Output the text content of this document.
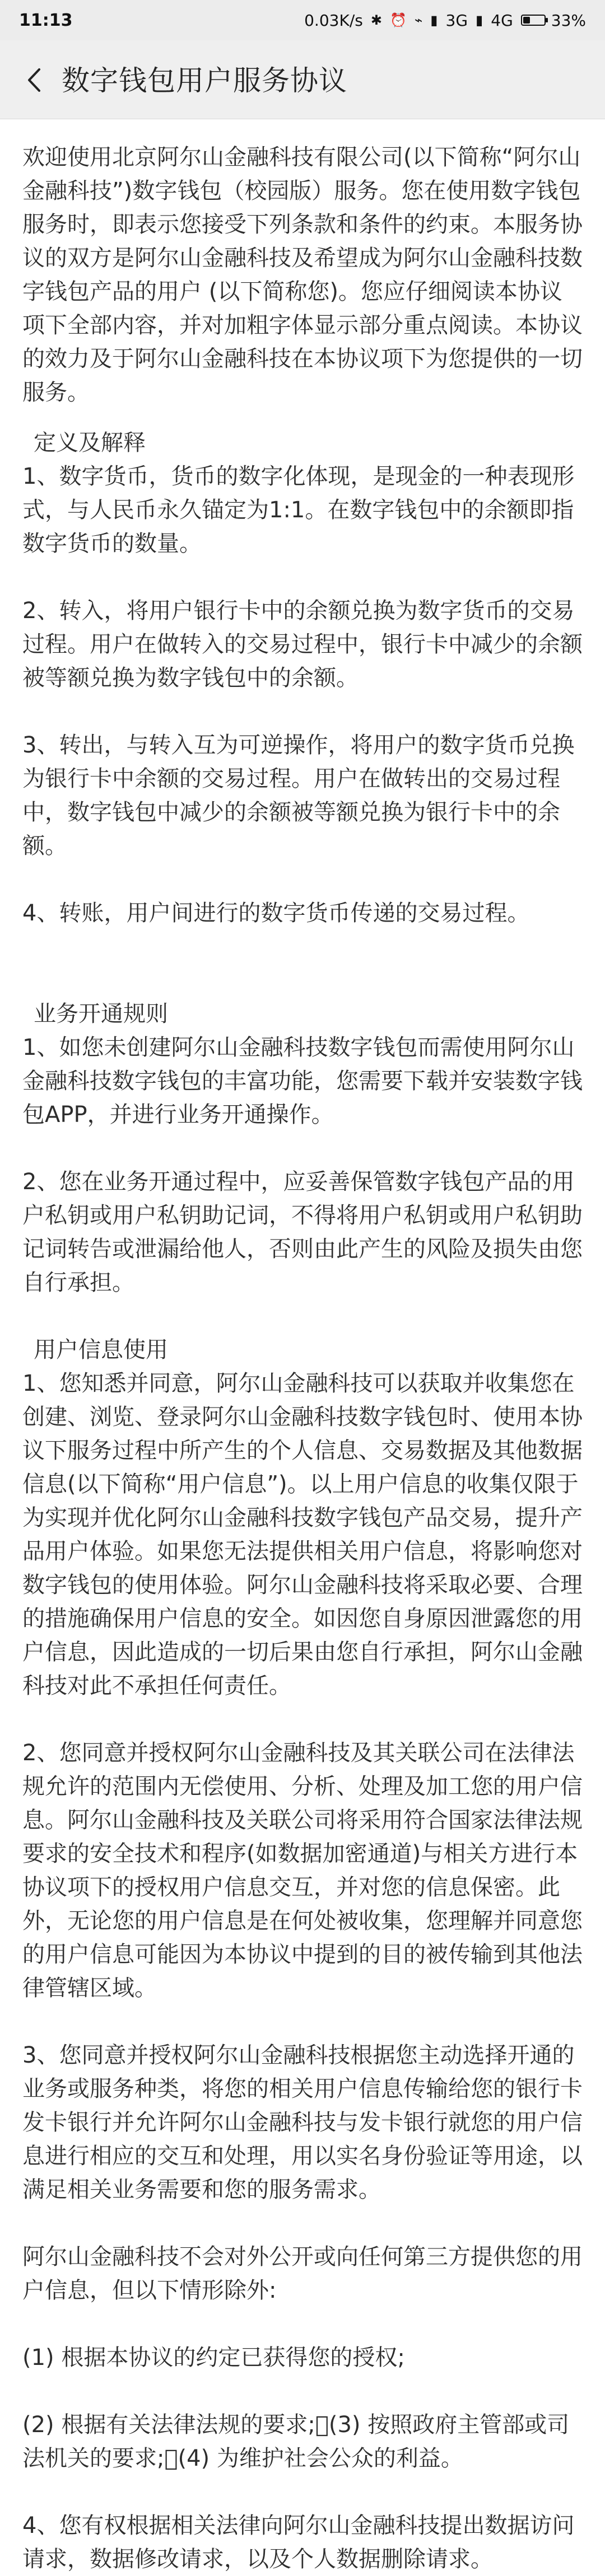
11:13	0.03K/s ✱ ⏰ ⌁ ▮ 3G ▮ 4G 33%
数字钱包用户服务协议

欢迎使用北京阿尔山金融科技有限公司(以下简称“阿尔山金融科技”)数字钱包（校园版）服务。您在使用数字钱包服务时，即表示您接受下列条款和条件的约束。本服务协议的双方是阿尔山金融科技及希望成为阿尔山金融科技数字钱包产品的用户 (以下简称您)。您应仔细阅读本协议项下全部内容，并对加粗字体显示部分重点阅读。本协议的效力及于阿尔山金融科技在本协议项下为您提供的一切服务。

定义及解释

1、数字货币，货币的数字化体现，是现金的一种表现形式，与人民币永久锚定为1:1。在数字钱包中的余额即指数字货币的数量。

2、转入，将用户银行卡中的余额兑换为数字货币的交易过程。用户在做转入的交易过程中，银行卡中减少的余额被等额兑换为数字钱包中的余额。

3、转出，与转入互为可逆操作，将用户的数字货币兑换为银行卡中余额的交易过程。用户在做转出的交易过程中，数字钱包中减少的余额被等额兑换为银行卡中的余额。

4、转账，用户间进行的数字货币传递的交易过程。

业务开通规则

1、如您未创建阿尔山金融科技数字钱包而需使用阿尔山金融科技数字钱包的丰富功能，您需要下载并安装数字钱包APP，并进行业务开通操作。

2、您在业务开通过程中，应妥善保管数字钱包产品的用户私钥或用户私钥助记词，不得将用户私钥或用户私钥助记词转告或泄漏给他人，否则由此产生的风险及损失由您自行承担。

用户信息使用

1、您知悉并同意，阿尔山金融科技可以获取并收集您在创建、浏览、登录阿尔山金融科技数字钱包时、使用本协议下服务过程中所产生的个人信息、交易数据及其他数据信息(以下简称“用户信息”)。以上用户信息的收集仅限于为实现并优化阿尔山金融科技数字钱包产品交易，提升产品用户体验。如果您无法提供相关用户信息，将影响您对数字钱包的使用体验。阿尔山金融科技将采取必要、合理的措施确保用户信息的安全。如因您自身原因泄露您的用户信息，因此造成的一切后果由您自行承担，阿尔山金融科技对此不承担任何责任。

2、您同意并授权阿尔山金融科技及其关联公司在法律法规允许的范围内无偿使用、分析、处理及加工您的用户信息。阿尔山金融科技及关联公司将采用符合国家法律法规要求的安全技术和程序(如数据加密通道)与相关方进行本协议项下的授权用户信息交互，并对您的信息保密。此外，无论您的用户信息是在何处被收集，您理解并同意您的用户信息可能因为本协议中提到的目的被传输到其他法律管辖区域。

3、您同意并授权阿尔山金融科技根据您主动选择开通的业务或服务种类，将您的相关用户信息传输给您的银行卡发卡银行并允许阿尔山金融科技与发卡银行就您的用户信息进行相应的交互和处理，用以实名身份验证等用途，以满足相关业务需要和您的服务需求。

阿尔山金融科技不会对外公开或向任何第三方提供您的用户信息，但以下情形除外:

(1) 根据本协议的约定已获得您的授权;

(2) 根据有关法律法规的要求; (3) 按照政府主管部或司法机关的要求; (4) 为维护社会公众的利益。

4、您有权根据相关法律向阿尔山金融科技提出数据访问请求，数据修改请求，以及个人数据删除请求。
